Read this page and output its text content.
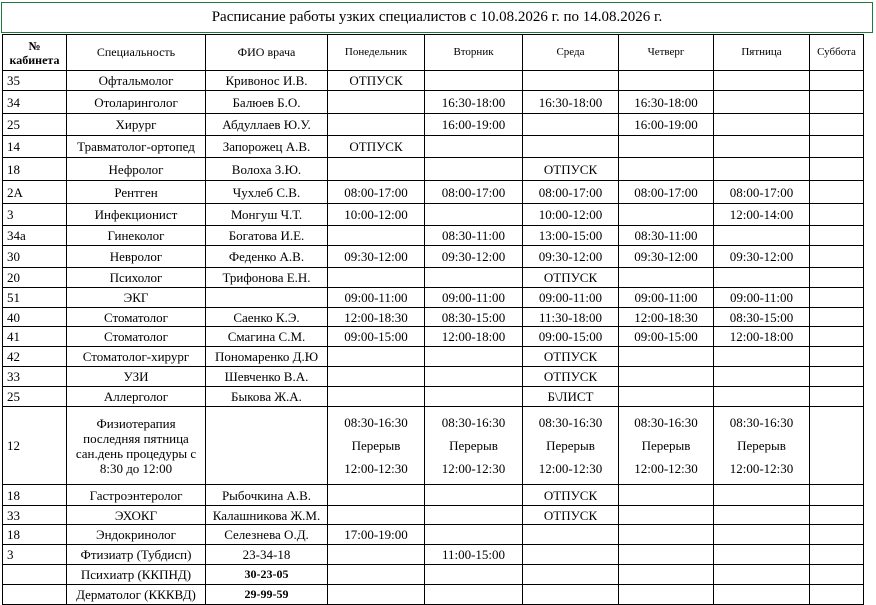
Расписание работы узких специалистов с 10.08.2026 г. по 14.08.2026 г.
№ кабинета	Специальность	ФИО врача	Понедельник	Вторник	Среда	Четверг	Пятница	Суббота
35	Офтальмолог	Кривонос И.В.	ОТПУСК					
34	Отоларинголог	Балюев Б.О.		16:30-18:00	16:30-18:00	16:30-18:00		
25	Хирург	Абдуллаев Ю.У.		16:00-19:00		16:00-19:00		
14	Травматолог-ортопед	Запорожец А.В.	ОТПУСК					
18	Нефролог	Волоха З.Ю.			ОТПУСК			
2А	Рентген	Чухлеб С.В.	08:00-17:00	08:00-17:00	08:00-17:00	08:00-17:00	08:00-17:00	
3	Инфекционист	Монгуш Ч.Т.	10:00-12:00		10:00-12:00		12:00-14:00	
34а	Гинеколог	Богатова И.Е.		08:30-11:00	13:00-15:00	08:30-11:00		
30	Невролог	Феденко А.В.	09:30-12:00	09:30-12:00	09:30-12:00	09:30-12:00	09:30-12:00	
20	Психолог	Трифонова Е.Н.			ОТПУСК			
51	ЭКГ		09:00-11:00	09:00-11:00	09:00-11:00	09:00-11:00	09:00-11:00	
40	Стоматолог	Саенко К.Э.	12:00-18:30	08:30-15:00	11:30-18:00	12:00-18:30	08:30-15:00	
41	Стоматолог	Смагина С.М.	09:00-15:00	12:00-18:00	09:00-15:00	09:00-15:00	12:00-18:00	
42	Стоматолог-хирург	Пономаренко Д.Ю			ОТПУСК			
33	УЗИ	Шевченко В.А.			ОТПУСК			
25	Аллерголог	Быкова Ж.А.			Б\ЛИСТ			
12	Физиотерапия последняя пятница сан.день процедуры с 8:30 до 12:00		08:30-16:30 Перерыв 12:00-12:30	08:30-16:30 Перерыв 12:00-12:30	08:30-16:30 Перерыв 12:00-12:30	08:30-16:30 Перерыв 12:00-12:30	08:30-16:30 Перерыв 12:00-12:30	
18	Гастроэнтеролог	Рыбочкина А.В.			ОТПУСК			
33	ЭХОКГ	Калашникова Ж.М.			ОТПУСК			
18	Эндокринолог	Селезнева О.Д.	17:00-19:00					
3	Фтизиатр (Тубдисп)	23-34-18		11:00-15:00				
	Психиатр (ККПНД)	30-23-05						
	Дерматолог (КККВД)	29-99-59						
